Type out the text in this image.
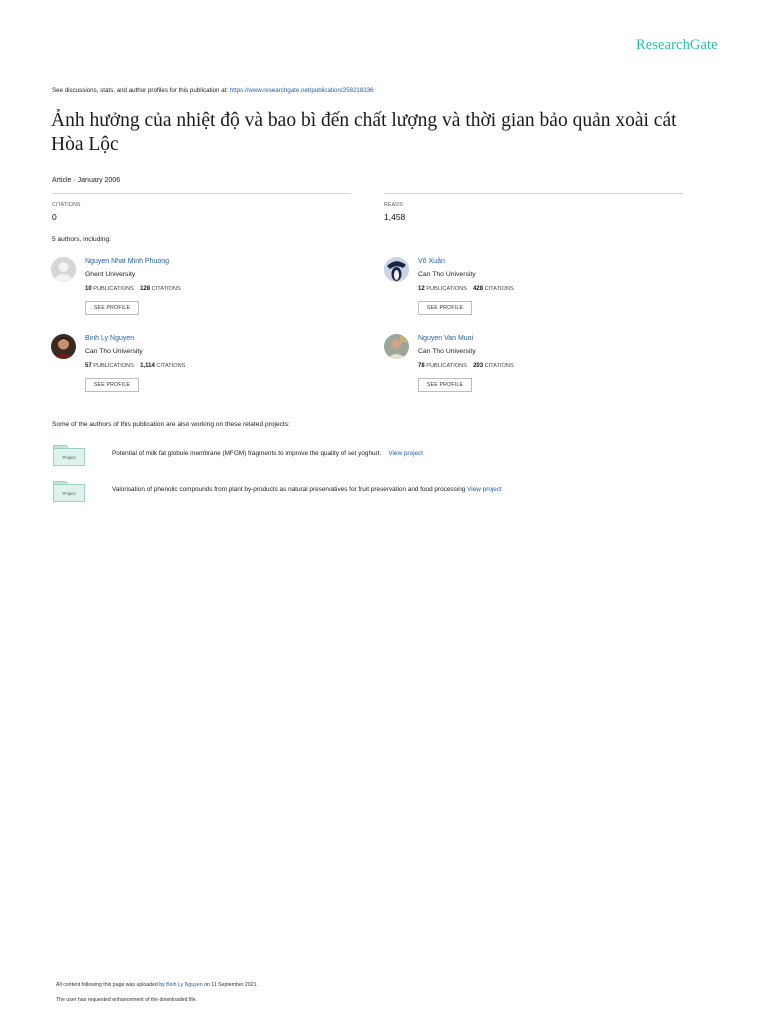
ResearchGate
See discussions, stats, and author profiles for this publication at: https://www.researchgate.net/publication/258218336
Ảnh hưởng của nhiệt độ và bao bì đến chất lượng và thời gian bảo quản xoài cát Hòa Lộc
Article · January 2006
CITATIONS
0
READS
1,458
5 authors, including:
Nguyen Nhat Minh Phuong
Ghent University
10 PUBLICATIONS 128 CITATIONS
SEE PROFILE
Võ Xuân
Can Tho University
12 PUBLICATIONS 428 CITATIONS
SEE PROFILE
Binh Ly Nguyen
Can Tho University
57 PUBLICATIONS 1,114 CITATIONS
SEE PROFILE
Nguyen Van Muoi
Can Tho University
78 PUBLICATIONS 203 CITATIONS
SEE PROFILE
Some of the authors of this publication are also working on these related projects:
Project	Potential of milk fat globule membrane (MFGM) fragments to improve the quality of set yoghurt. View project
Project	Valorisation of phenolic compounds from plant by-products as natural preservatives for fruit preservation and food processing View project
All content following this page was uploaded by Binh Ly Nguyen on 11 September 2021.
The user has requested enhancement of the downloaded file.
